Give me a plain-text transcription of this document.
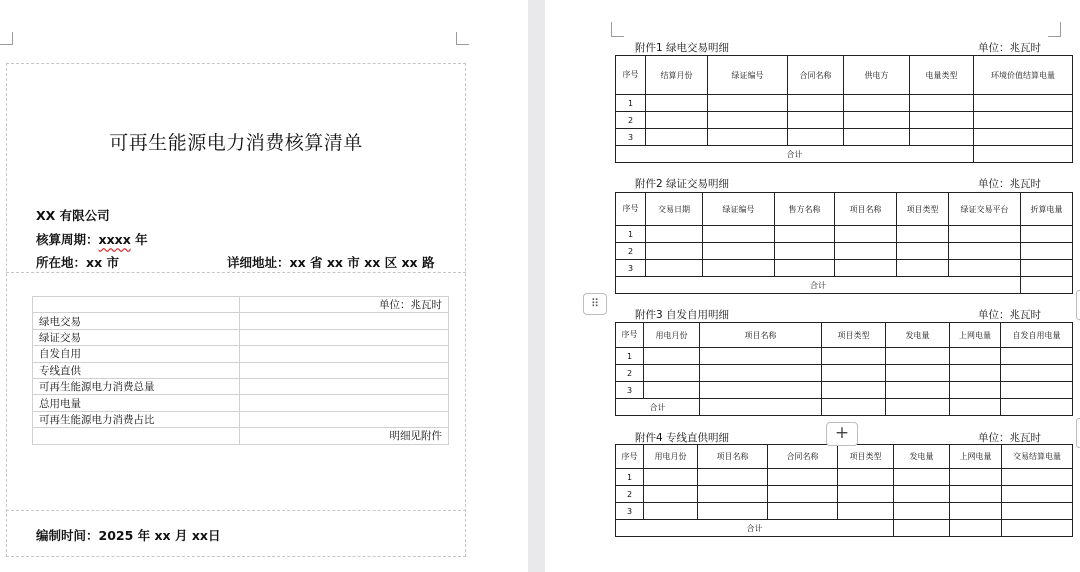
可再生能源电力消费核算清单
XX 有限公司
核算周期：xxxx 年
所在地：xx 市	详细地址：xx 省 xx 市 xx 区 xx 路
	单位：兆瓦时
绿电交易	
绿证交易	
自发自用	
专线直供	
可再生能源电力消费总量	
总用电量	
可再生能源电力消费占比	
	明细见附件
编制时间：2025 年 xx 月 xx日
附件1 绿电交易明细	单位：兆瓦时
序号	结算月份	绿证编号	合同名称	供电方	电量类型	环境价值结算电量
1						
2						
3						
合计						
附件2 绿证交易明细	单位：兆瓦时
序号	交易日期	绿证编号	售方名称	项目名称	项目类型	绿证交易平台	折算电量
1							
2							
3							
合计							
附件3 自发自用明细	单位：兆瓦时
序号	用电月份	项目名称	项目类型	发电量	上网电量	自发自用电量
1						
2						
3						
合计						
附件4 专线直供明细	单位：兆瓦时
序号	用电月份	项目名称	合同名称	项目类型	发电量	上网电量	交易结算电量
1							
2							
3							
合计							
⠿
+
